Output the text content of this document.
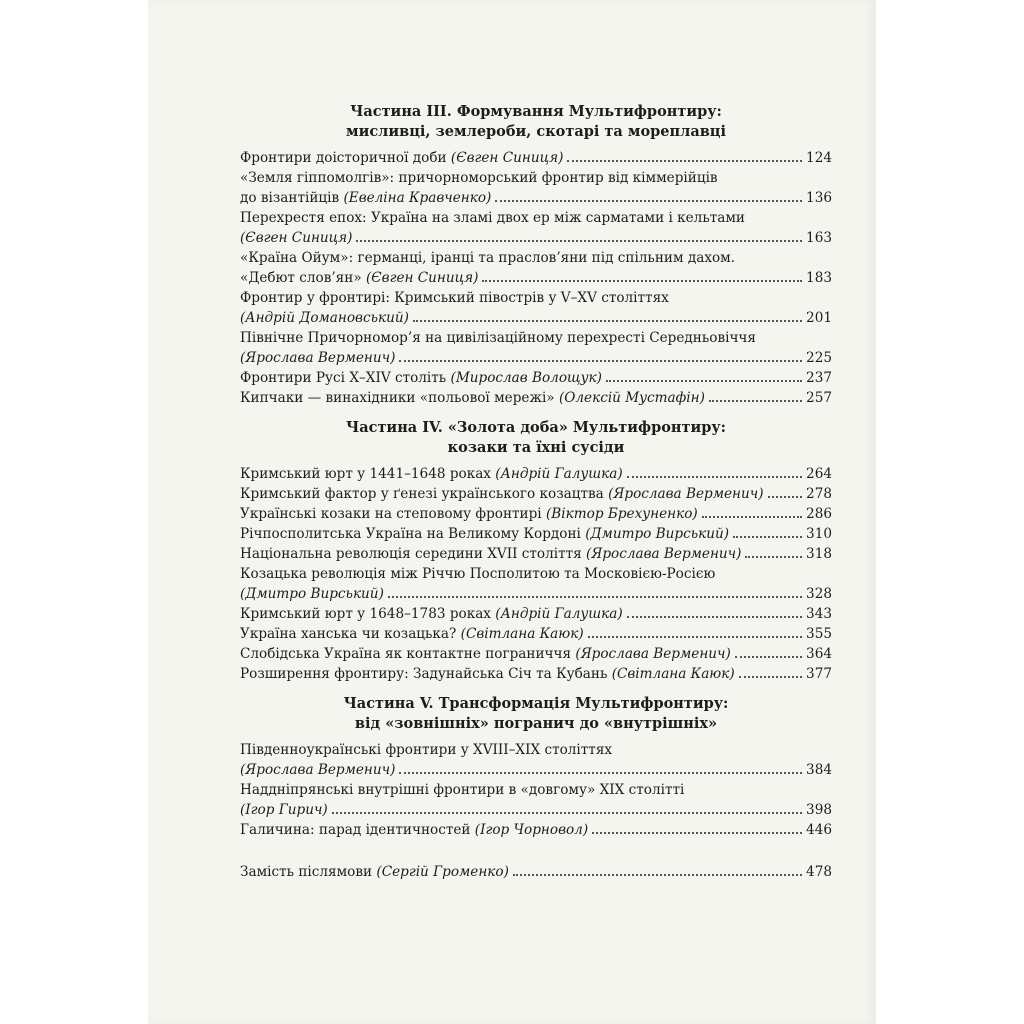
Частина ІІІ. Формування Мультифронтиру:
мисливці, землероби, скотарі та мореплавці
Фронтири доісторичної доби (Євген Синиця)	124
«Земля гіппомолгів»: причорноморський фронтир від кіммерійців
до візантійців (Евеліна Кравченко)	136
Перехрестя епох: Україна на зламі двох ер між сарматами і кельтами
(Євген Синиця)	163
«Країна Ойум»: германці, іранці та праслов’яни під спільним дахом.
«Дебют слов’ян» (Євген Синиця)	183
Фронтир у фронтирі: Кримський півострів у V–XV століттях
(Андрій Домановський)	201
Північне Причорномор’я на цивілізаційному перехресті Середньовіччя
(Ярослава Верменич)	225
Фронтири Русі X–XIV століть (Мирослав Волощук)	237
Кипчаки — винахідники «польової мережі» (Олексій Мустафін)	257
Частина IV. «Золота доба» Мультифронтиру:
козаки та їхні сусіди
Кримський юрт у 1441–1648 роках (Андрій Галушка)	264
Кримський фактор у ґенезі українського козацтва (Ярослава Верменич)	278
Українські козаки на степовому фронтирі (Віктор Брехуненко)	286
Річпосполитська Україна на Великому Кордоні (Дмитро Вирський)	310
Національна революція середини XVII століття (Ярослава Верменич)	318
Козацька революція між Річчю Посполитою та Московією-Росією
(Дмитро Вирський)	328
Кримський юрт у 1648–1783 роках (Андрій Галушка)	343
Україна ханська чи козацька? (Світлана Каюк)	355
Слобідська Україна як контактне пограниччя (Ярослава Верменич)	364
Розширення фронтиру: Задунайська Січ та Кубань (Світлана Каюк)	377
Частина V. Трансформація Мультифронтиру:
від «зовнішніх» погранич до «внутрішніх»
Південноукраїнські фронтири у XVIII–XIX століттях
(Ярослава Верменич)	384
Наддніпрянські внутрішні фронтири в «довгому» XIX столітті
(Ігор Гирич)	398
Галичина: парад ідентичностей (Ігор Чорновол)	446
Замість післямови (Сергій Громенко)	478
